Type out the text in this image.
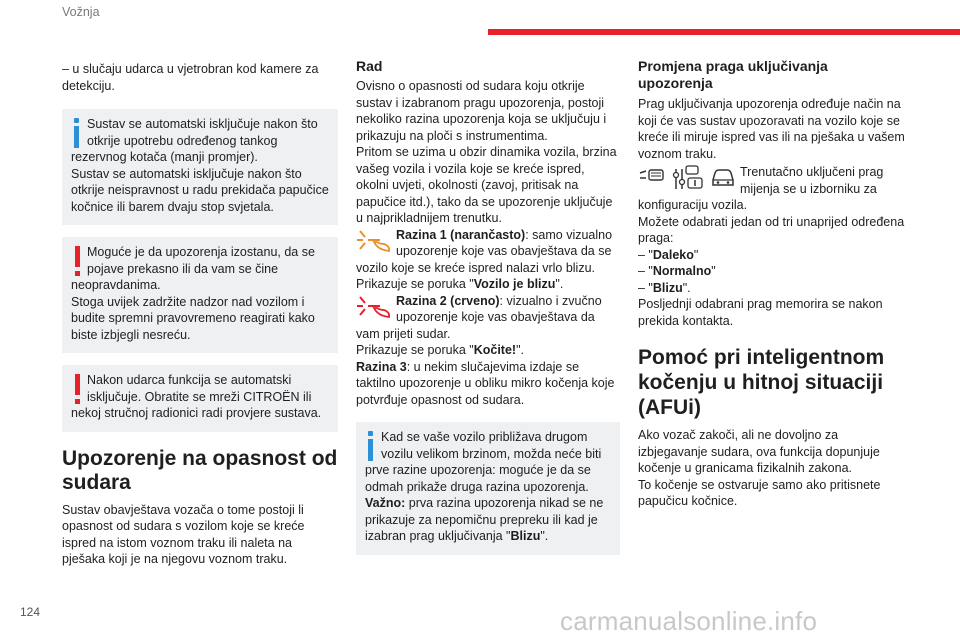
Vožnja

– u slučaju udarca u vjetrobran kod kamere za detekciju.

Sustav se automatski isključuje nakon što otkrije upotrebu određenog tankog rezervnog kotača (manji promjer).

Sustav se automatski isključuje nakon što otkrije neispravnost u radu prekidača papučice kočnice ili barem dvaju stop svjetala.

Moguće je da upozorenja izostanu, da se pojave prekasno ili da vam se čine neopravdanima.

Stoga uvijek zadržite nadzor nad vozilom i budite spremni pravovremeno reagirati kako biste izbjegli nesreću.

Nakon udarca funkcija se automatski isključuje. Obratite se mreži CITROËN ili nekoj stručnoj radionici radi provjere sustava.

Upozorenje na opasnost od sudara

Sustav obavještava vozača o tome postoji li opasnost od sudara s vozilom koje se kreće ispred na istom voznom traku ili naleta na pješaka koji je na njegovu voznom traku.

Rad

Ovisno o opasnosti od sudara koju otkrije sustav i izabranom pragu upozorenja, postoji nekoliko razina upozorenja koja se uključuju i prikazuju na ploči s instrumentima.

Pritom se uzima u obzir dinamika vozila, brzina vašeg vozila i vozila koje se kreće ispred, okolni uvjeti, okolnosti (zavoj, pritisak na papučice itd.), tako da se upozorenje uključuje u najprikladnijem trenutku.

Razina 1 (narančasto): samo vizualno upozorenje koje vas obavještava da se vozilo koje se kreće ispred nalazi vrlo blizu.

Prikazuje se poruka "Vozilo je blizu".

Razina 2 (crveno): vizualno i zvučno upozorenje koje vas obavještava da vam prijeti sudar.

Prikazuje se poruka "Kočite!".

Razina 3: u nekim slučajevima izdaje se taktilno upozorenje u obliku mikro kočenja koje potvrđuje opasnost od sudara.

Kad se vaše vozilo približava drugom vozilu velikom brzinom, možda neće biti prve razine upozorenja: moguće je da se odmah prikaže druga razina upozorenja.

Važno: prva razina upozorenja nikad se ne prikazuje za nepomičnu prepreku ili kad je izabran prag uključivanja "Blizu".

Promjena praga uključivanja upozorenja

Prag uključivanja upozorenja određuje način na koji će vas sustav upozoravati na vozilo koje se kreće ili miruje ispred vas ili na pješaka u vašem voznom traku.

Trenutačno uključeni prag mijenja se u izborniku za konfiguraciju vozila.

Možete odabrati jedan od tri unaprijed određena praga:

– "Daleko"

– "Normalno"

– "Blizu".

Posljednji odabrani prag memorira se nakon prekida kontakta.

Pomoć pri inteligentnom kočenju u hitnoj situaciji (AFUi)

Ako vozač zakoči, ali ne dovoljno za izbjegavanje sudara, ova funkcija dopunjuje kočenje u granicama fizikalnih zakona.

To kočenje se ostvaruje samo ako pritisnete papučicu kočnice.

124	carmanualsonline.info
